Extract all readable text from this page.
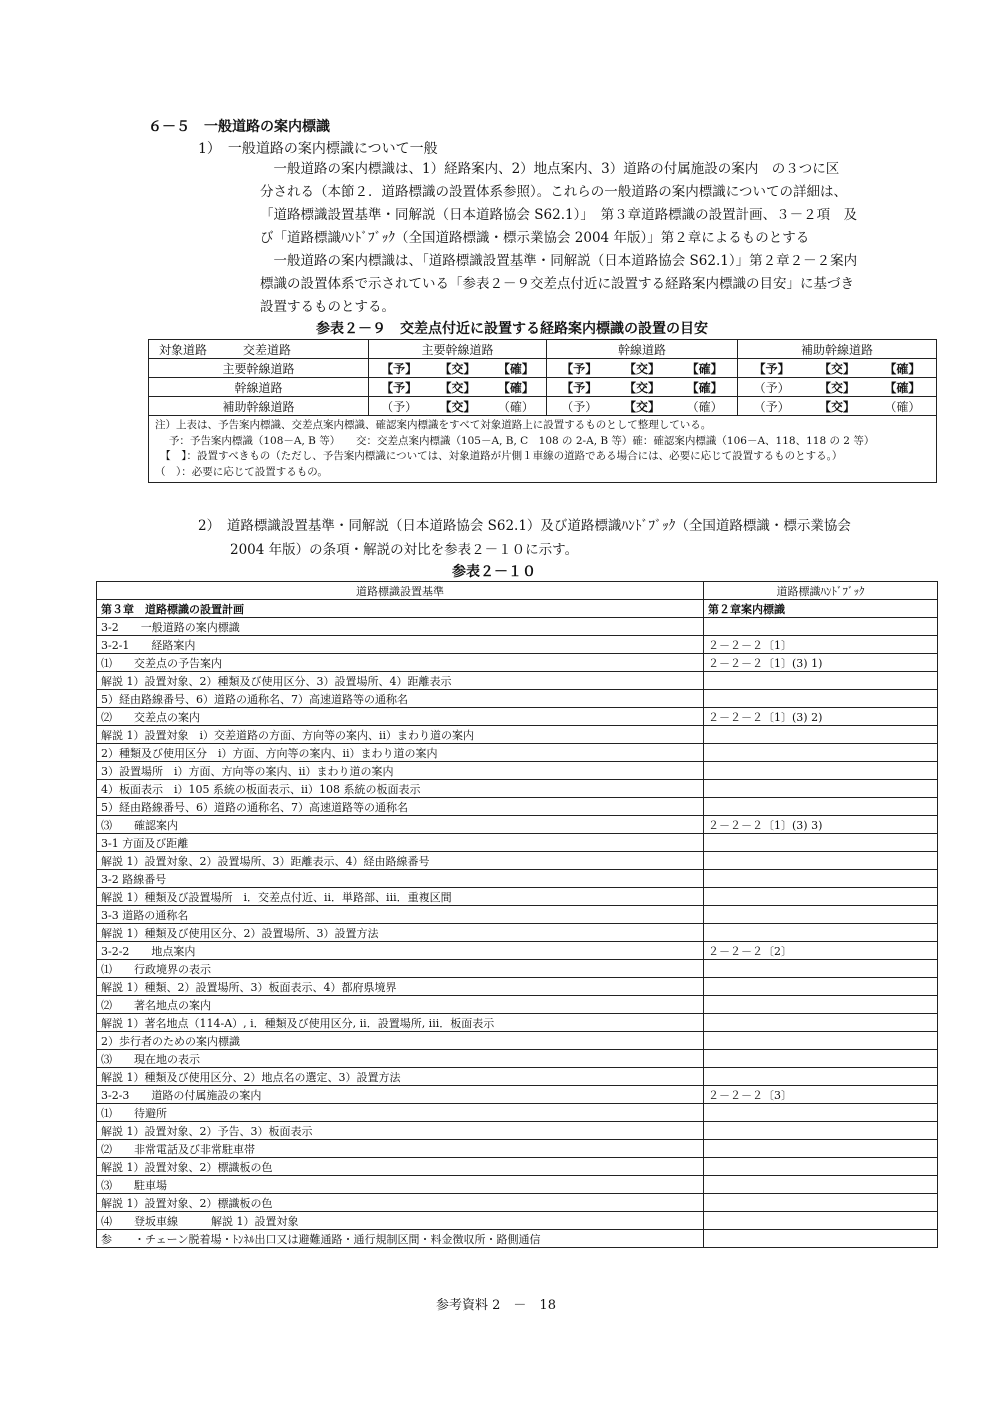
６－５　一般道路の案内標識
1）　一般道路の案内標識について一般
　一般道路の案内標識は、1）経路案内、2）地点案内、3）道路の付属施設の案内　の３つに区
分される（本節２．道路標識の設置体系参照）。これらの一般道路の案内標識についての詳細は、
「道路標識設置基準・同解説（日本道路協会 S62.1）」　第３章道路標識の設置計画、３－２項　及
び「道路標識ﾊﾝﾄﾞﾌﾞｯｸ（全国道路標識・標示業協会 2004 年版）」第２章によるものとする
　一般道路の案内標識は、「道路標識設置基準・同解説（日本道路協会 S62.1）」第２章２－２案内
標識の設置体系で示されている「参表２－９交差点付近に設置する経路案内標識の目安」に基づき
設置するものとする。
参表２－９　交差点付近に設置する経路案内標識の設置の目安
対象道路　　　交差道路	主要幹線道路	幹線道路	補助幹線道路
主要幹線道路	【予】 【交】 【確】	【予】 【交】 【確】	【予】 【交】 【確】
幹線道路	【予】 【交】 【確】	【予】 【交】 【確】	（予） 【交】 【確】
補助幹線道路	（予） 【交】 （確）	（予） 【交】 （確）	（予） 【交】 （確）

注）上表は、予告案内標識、交差点案内標識、確認案内標識をすべて対象道路上に設置するものとして整理している。
　 予：予告案内標識（108－A, B 等）　　交：交差点案内標識（105－A, B, C　108 の 2-A, B 等）確：確認案内標識（106－A、118、118 の 2 等）
　【　】：設置すべきもの（ただし、予告案内標識については、対象道路が片側１車線の道路である場合には、必要に応じて設置するものとする。）
（　）：必要に応じて設置するもの。			
2）　道路標識設置基準・同解説（日本道路協会 S62.1）及び道路標識ﾊﾝﾄﾞﾌﾞｯｸ（全国道路標識・標示業協会
2004 年版）の条項・解説の対比を参表２－１０に示す。
参表２－１０
道路標識設置基準	道路標識ﾊﾝﾄﾞﾌﾞｯｸ
第３章　道路標識の設置計画	第２章案内標識
3-2　　一般道路の案内標識	
3-2-1　　経路案内	２－２－２〔1〕
⑴　　交差点の予告案内	２－２－２〔1〕(3) 1)
解説 1）設置対象、2）種類及び使用区分、3）設置場所、4）距離表示	
5）経由路線番号、6）道路の通称名、7）高速道路等の通称名	
⑵　　交差点の案内	２－２－２〔1〕(3) 2)
解説 1）設置対象　i）交差道路の方面、方向等の案内、ii）まわり道の案内	
2）種類及び使用区分　i）方面、方向等の案内、ii）まわり道の案内	
3）設置場所　i）方面、方向等の案内、ii）まわり道の案内	
4）板面表示　i）105 系統の板面表示、ii）108 系統の板面表示	
5）経由路線番号、6）道路の通称名、7）高速道路等の通称名	
⑶　　確認案内	２－２－２〔1〕(3) 3)
3-1 方面及び距離	
解説 1）設置対象、2）設置場所、3）距離表示、4）経由路線番号	
3-2 路線番号	
解説 1）種類及び設置場所　i．交差点付近、ii．単路部、iii．重複区間	
3-3 道路の通称名	
解説 1）種類及び使用区分、2）設置場所、3）設置方法	
3-2-2　　地点案内	２－２－２〔2〕
⑴　　行政境界の表示	
解説 1）種類、2）設置場所、3）板面表示、4）都府県境界	
⑵　　著名地点の案内	
解説 1）著名地点（114-A）, i．種類及び使用区分, ii．設置場所, iii．板面表示	
2）歩行者のための案内標識	
⑶　　現在地の表示	
解説 1）種類及び使用区分、2）地点名の選定、3）設置方法	
3-2-3　　道路の付属施設の案内	２－２－２〔3〕
⑴　　待避所	
解説 1）設置対象、2）予告、3）板面表示	
⑵　　非常電話及び非常駐車帯	
解説 1）設置対象、2）標識板の色	
⑶　　駐車場	
解説 1）設置対象、2）標識板の色	
⑷　　登坂車線　　　解説 1）設置対象	
参　　・チェーン脱着場・ﾄﾝﾈﾙ出口又は避難通路・通行規制区間・料金徴収所・路側通信	
参考資料 2　－　18
